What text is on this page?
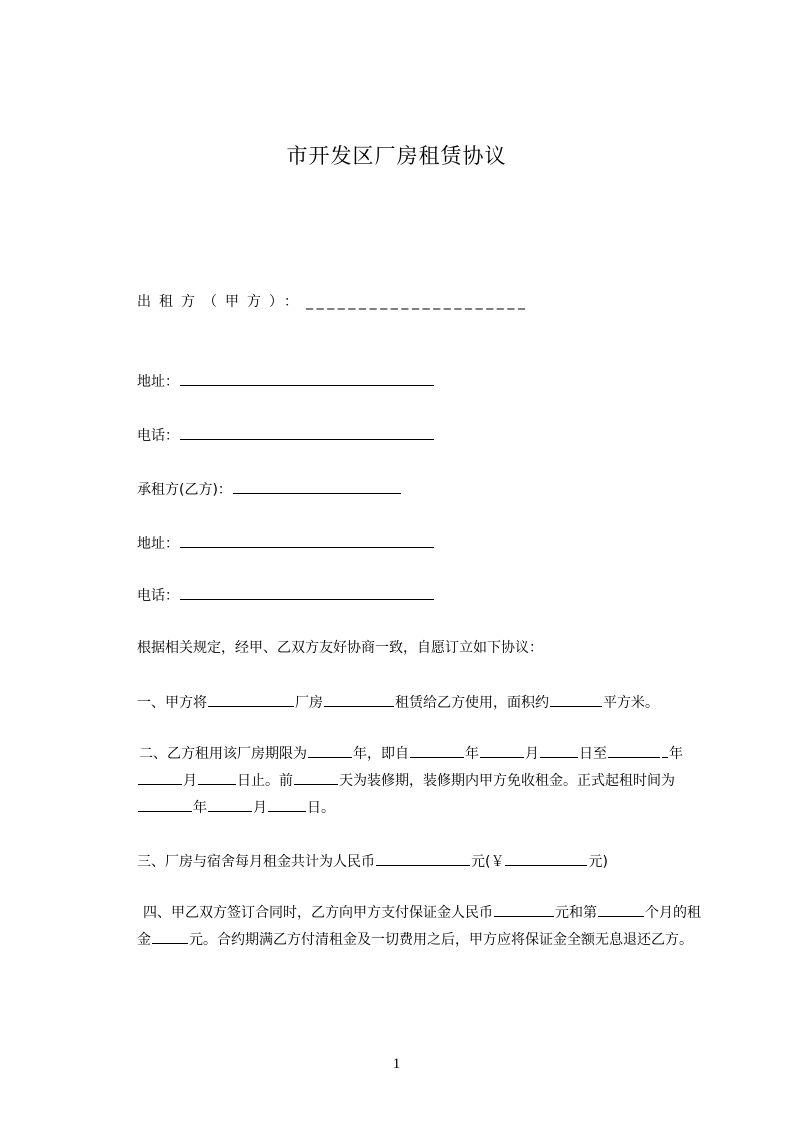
市开发区厂房租赁协议
出租方（甲方）：_____________________
地址：
电话：
承租方(乙方)：
地址：
电话：
根据相关规定，经甲、乙双方友好协商一致，自愿订立如下协议：
一、甲方将	厂房	租赁给乙方使用，面积约	平方米。
二、乙方租用该厂房期限为	年，即自	年	月	日至	年月	日止。前	天为装修期，装修期内甲方免收租金。正式起租时间为年	月	日。
三、厂房与宿舍每月租金共计为人民币	元(￥	元)
四、甲乙双方签订合同时，乙方向甲方支付保证金人民币	元和第	个月的租金	元。合约期满乙方付清租金及一切费用之后，甲方应将保证金全额无息退还乙方。
1
